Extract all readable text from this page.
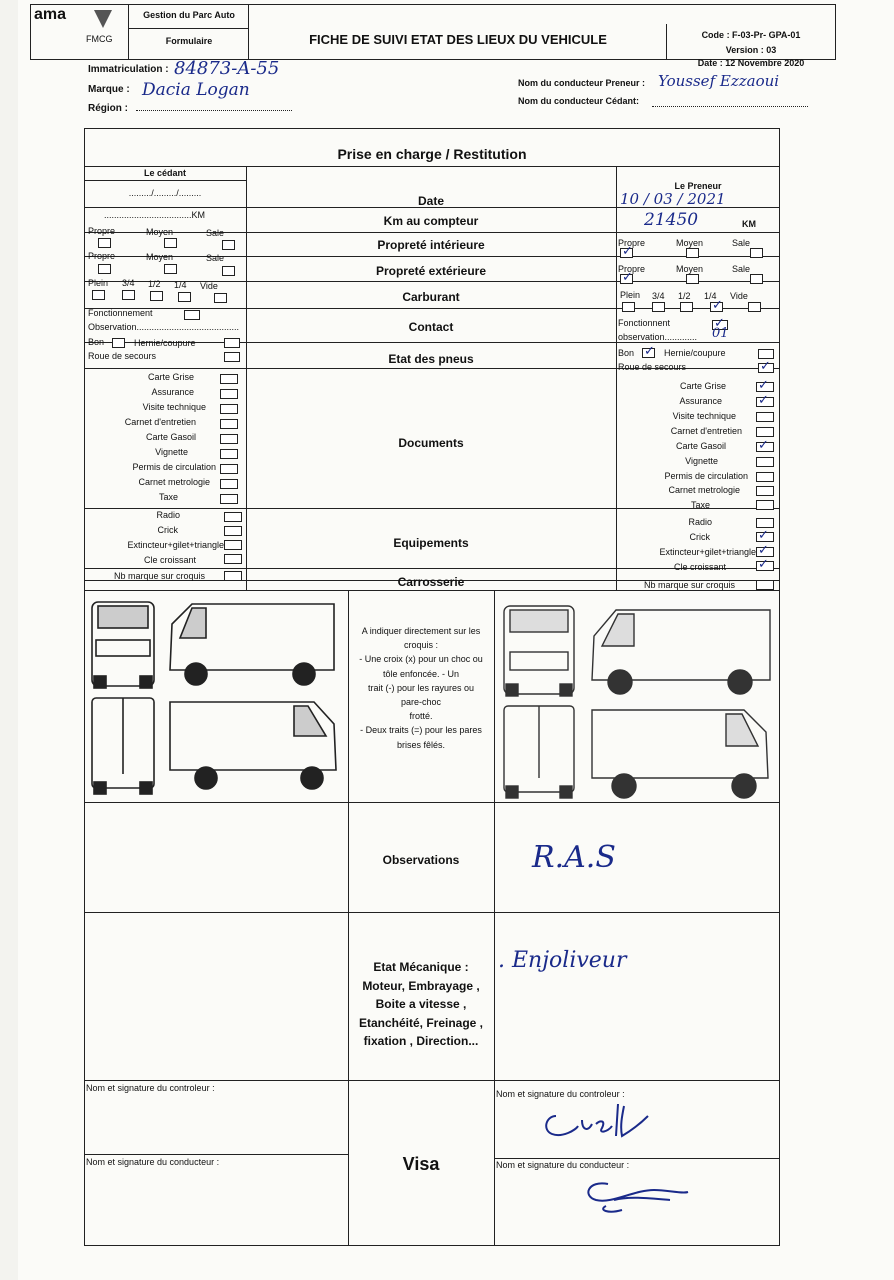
ama
FMCG
Gestion du Parc Auto
Formulaire	FICHE DE SUIVI ETAT DES LIEUX DU VEHICULE	Code : F-03-Pr- GPA-01
Version : 03
Date : 12 Novembre 2020
Immatriculation : 84873-A-55
Marque : Dacia Logan
Région :
Nom du conducteur Preneur : Youssef Ezzaoui
Nom du conducteur Cédant:
Prise en charge / Restitution
Le cédant
Le Preneur
........./........./.........
Date	10 / 03 / 2021
...................................KM	Km au compteur	21450	KM
Propre	Moyen	Sale
Propreté intérieure	Propre	Moyen	Sale
✓
Propre	Moyen	Sale
Propreté extérieure	Propre	Moyen	Sale
✓
Plein 3/4 1/2 1/4 Vide
Carburant	Plein 3/4 1/2 1/4 Vide
✓
Fonctionnement
Observation.........................................	Contact	Fonctionnent
✓
observation............. 01
Bon	Hernie/coupure
Roue de secours	Etat des pneus	Bon
✓	Hernie/coupure
Roue de secours
✓
Documents
Carte Grise
Assurance
Visite technique
Carnet d'entretien
Carte Gasoil
Vignette
Permis de circulation
Carnet metrologie
Taxe
Carte Grise
Assurance
Visite technique
Carnet d'entretien
Carte Gasoil
Vignette
Permis de circulation
Carnet metrologie
Taxe
✓
✓
✓
Equipements
Radio
Crick
Extincteur+gilet+triangle
Cle croissant
Radio
Crick
Extincteur+gilet+triangle
Cle croissant
✓
✓
✓
Nb marque sur croquis	Carrosserie	Nb marque sur croquis
A indiquer directement sur les
croquis :
- Une croix (x) pour un choc ou
tôle enfoncée. - Un
trait (-) pour les rayures ou
pare-choc
frotté.
- Deux traits (=) pour les pares
brises fêlés.
Observations	R.A.S
Etat Mécanique :
Moteur, Embrayage ,
Boite a vitesse ,
Etanchéité, Freinage ,
fixation , Direction...
. Enjoliveur
Nom et signature du controleur :
Nom et signature du conducteur :	Visa
Nom et signature du controleur :
Nom et signature du conducteur :
